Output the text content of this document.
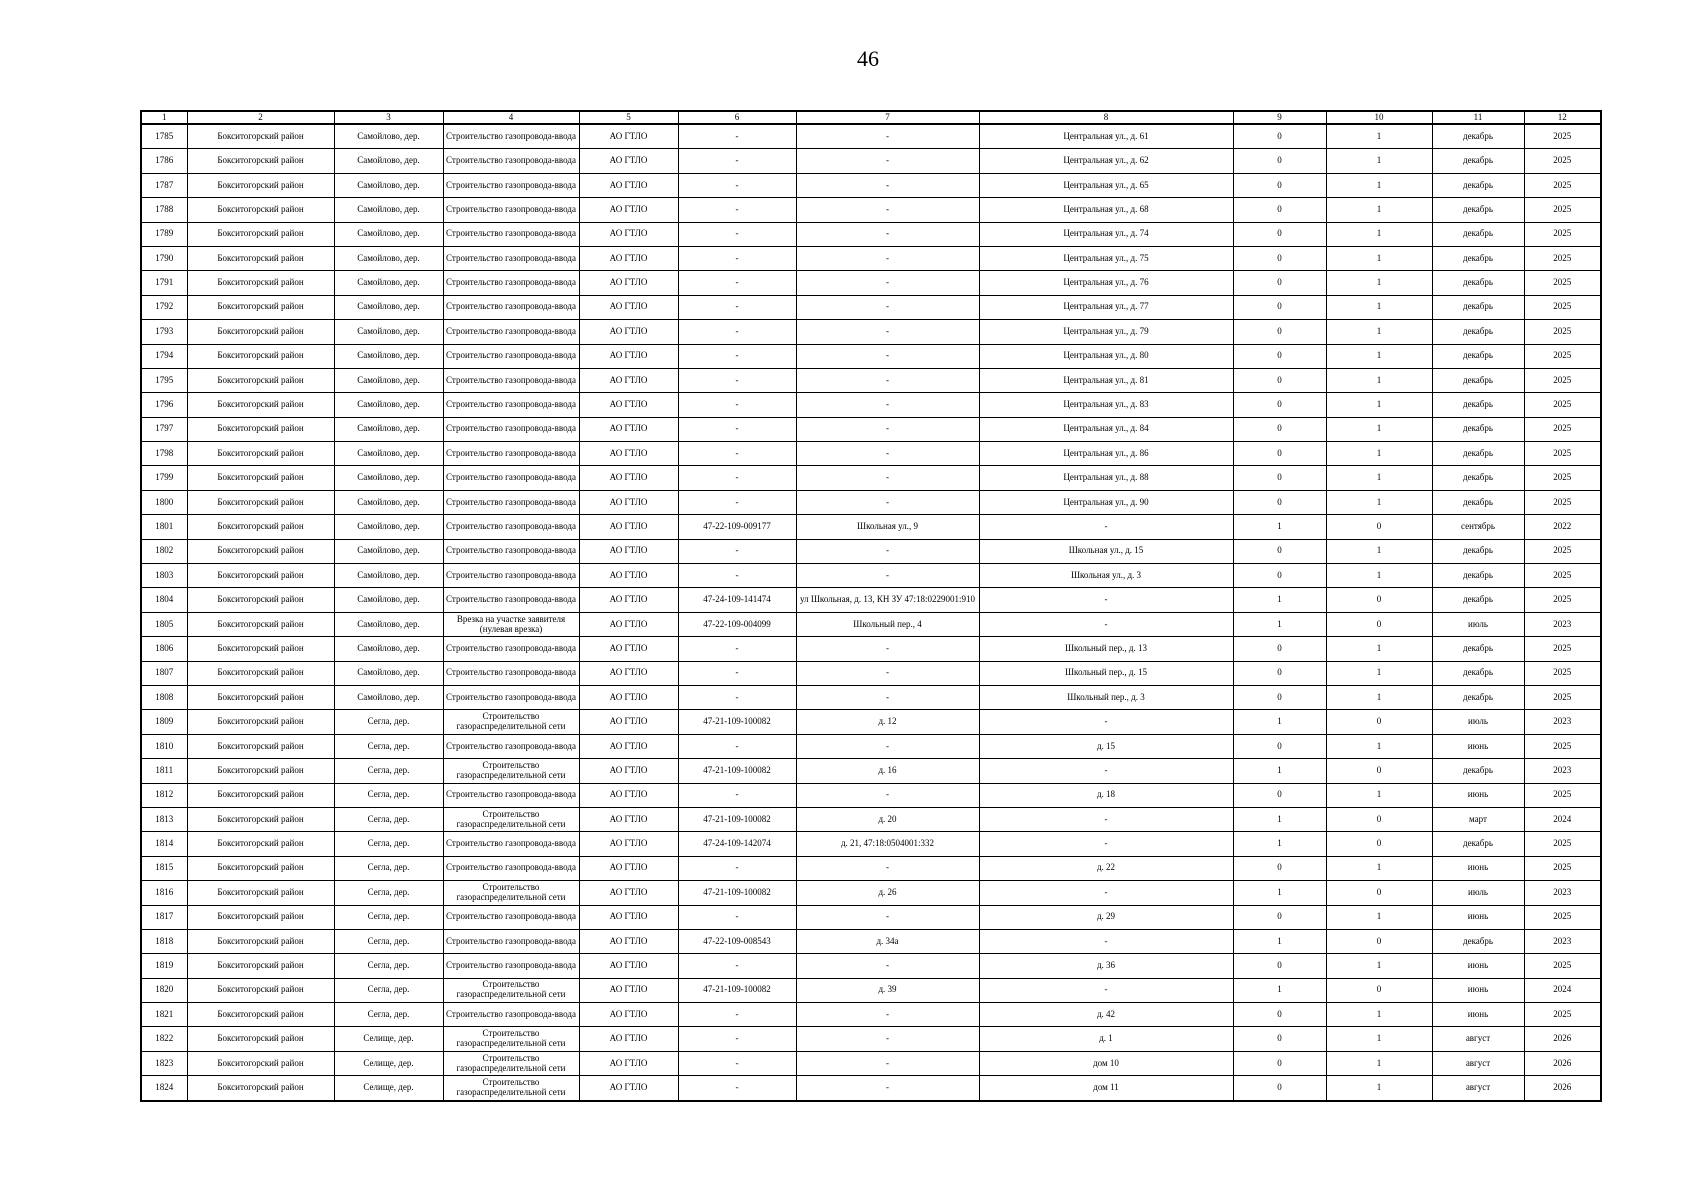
46
1	2	3	4	5	6	7	8	9	10	11	12
1785	Бокситогорский район	Самойлово, дер.	Строительство газопровода-ввода	АО ГТЛО	-	-	Центральная ул., д. 61	0	1	декабрь	2025
1786	Бокситогорский район	Самойлово, дер.	Строительство газопровода-ввода	АО ГТЛО	-	-	Центральная ул., д. 62	0	1	декабрь	2025
1787	Бокситогорский район	Самойлово, дер.	Строительство газопровода-ввода	АО ГТЛО	-	-	Центральная ул., д. 65	0	1	декабрь	2025
1788	Бокситогорский район	Самойлово, дер.	Строительство газопровода-ввода	АО ГТЛО	-	-	Центральная ул., д. 68	0	1	декабрь	2025
1789	Бокситогорский район	Самойлово, дер.	Строительство газопровода-ввода	АО ГТЛО	-	-	Центральная ул., д. 74	0	1	декабрь	2025
1790	Бокситогорский район	Самойлово, дер.	Строительство газопровода-ввода	АО ГТЛО	-	-	Центральная ул., д. 75	0	1	декабрь	2025
1791	Бокситогорский район	Самойлово, дер.	Строительство газопровода-ввода	АО ГТЛО	-	-	Центральная ул., д. 76	0	1	декабрь	2025
1792	Бокситогорский район	Самойлово, дер.	Строительство газопровода-ввода	АО ГТЛО	-	-	Центральная ул., д. 77	0	1	декабрь	2025
1793	Бокситогорский район	Самойлово, дер.	Строительство газопровода-ввода	АО ГТЛО	-	-	Центральная ул., д. 79	0	1	декабрь	2025
1794	Бокситогорский район	Самойлово, дер.	Строительство газопровода-ввода	АО ГТЛО	-	-	Центральная ул., д. 80	0	1	декабрь	2025
1795	Бокситогорский район	Самойлово, дер.	Строительство газопровода-ввода	АО ГТЛО	-	-	Центральная ул., д. 81	0	1	декабрь	2025
1796	Бокситогорский район	Самойлово, дер.	Строительство газопровода-ввода	АО ГТЛО	-	-	Центральная ул., д. 83	0	1	декабрь	2025
1797	Бокситогорский район	Самойлово, дер.	Строительство газопровода-ввода	АО ГТЛО	-	-	Центральная ул., д. 84	0	1	декабрь	2025
1798	Бокситогорский район	Самойлово, дер.	Строительство газопровода-ввода	АО ГТЛО	-	-	Центральная ул., д. 86	0	1	декабрь	2025
1799	Бокситогорский район	Самойлово, дер.	Строительство газопровода-ввода	АО ГТЛО	-	-	Центральная ул., д. 88	0	1	декабрь	2025
1800	Бокситогорский район	Самойлово, дер.	Строительство газопровода-ввода	АО ГТЛО	-	-	Центральная ул., д. 90	0	1	декабрь	2025
1801	Бокситогорский район	Самойлово, дер.	Строительство газопровода-ввода	АО ГТЛО	47-22-109-009177	Школьная ул., 9	-	1	0	сентябрь	2022
1802	Бокситогорский район	Самойлово, дер.	Строительство газопровода-ввода	АО ГТЛО	-	-	Школьная ул., д. 15	0	1	декабрь	2025
1803	Бокситогорский район	Самойлово, дер.	Строительство газопровода-ввода	АО ГТЛО	-	-	Школьная ул., д. 3	0	1	декабрь	2025
1804	Бокситогорский район	Самойлово, дер.	Строительство газопровода-ввода	АО ГТЛО	47-24-109-141474	ул Школьная, д. 13, КН ЗУ 47:18:0229001:910	-	1	0	декабрь	2025
1805	Бокситогорский район	Самойлово, дер.	Врезка на участке заявителя (нулевая врезка)	АО ГТЛО	47-22-109-004099	Школьный пер., 4	-	1	0	июль	2023
1806	Бокситогорский район	Самойлово, дер.	Строительство газопровода-ввода	АО ГТЛО	-	-	Школьный пер., д. 13	0	1	декабрь	2025
1807	Бокситогорский район	Самойлово, дер.	Строительство газопровода-ввода	АО ГТЛО	-	-	Школьный пер., д. 15	0	1	декабрь	2025
1808	Бокситогорский район	Самойлово, дер.	Строительство газопровода-ввода	АО ГТЛО	-	-	Школьный пер., д. 3	0	1	декабрь	2025
1809	Бокситогорский район	Сегла, дер.	Строительство газораспределительной сети	АО ГТЛО	47-21-109-100082	д. 12	-	1	0	июль	2023
1810	Бокситогорский район	Сегла, дер.	Строительство газопровода-ввода	АО ГТЛО	-	-	д. 15	0	1	июнь	2025
1811	Бокситогорский район	Сегла, дер.	Строительство газораспределительной сети	АО ГТЛО	47-21-109-100082	д. 16	-	1	0	декабрь	2023
1812	Бокситогорский район	Сегла, дер.	Строительство газопровода-ввода	АО ГТЛО	-	-	д. 18	0	1	июнь	2025
1813	Бокситогорский район	Сегла, дер.	Строительство газораспределительной сети	АО ГТЛО	47-21-109-100082	д. 20	-	1	0	март	2024
1814	Бокситогорский район	Сегла, дер.	Строительство газопровода-ввода	АО ГТЛО	47-24-109-142074	д. 21, 47:18:0504001:332	-	1	0	декабрь	2025
1815	Бокситогорский район	Сегла, дер.	Строительство газопровода-ввода	АО ГТЛО	-	-	д. 22	0	1	июнь	2025
1816	Бокситогорский район	Сегла, дер.	Строительство газораспределительной сети	АО ГТЛО	47-21-109-100082	д. 26	-	1	0	июль	2023
1817	Бокситогорский район	Сегла, дер.	Строительство газопровода-ввода	АО ГТЛО	-	-	д. 29	0	1	июнь	2025
1818	Бокситогорский район	Сегла, дер.	Строительство газопровода-ввода	АО ГТЛО	47-22-109-008543	д. 34а	-	1	0	декабрь	2023
1819	Бокситогорский район	Сегла, дер.	Строительство газопровода-ввода	АО ГТЛО	-	-	д. 36	0	1	июнь	2025
1820	Бокситогорский район	Сегла, дер.	Строительство газораспределительной сети	АО ГТЛО	47-21-109-100082	д. 39	-	1	0	июнь	2024
1821	Бокситогорский район	Сегла, дер.	Строительство газопровода-ввода	АО ГТЛО	-	-	д. 42	0	1	июнь	2025
1822	Бокситогорский район	Селище, дер.	Строительство газораспределительной сети	АО ГТЛО	-	-	д. 1	0	1	август	2026
1823	Бокситогорский район	Селище, дер.	Строительство газораспределительной сети	АО ГТЛО	-	-	дом 10	0	1	август	2026
1824	Бокситогорский район	Селище, дер.	Строительство газораспределительной сети	АО ГТЛО	-	-	дом 11	0	1	август	2026
